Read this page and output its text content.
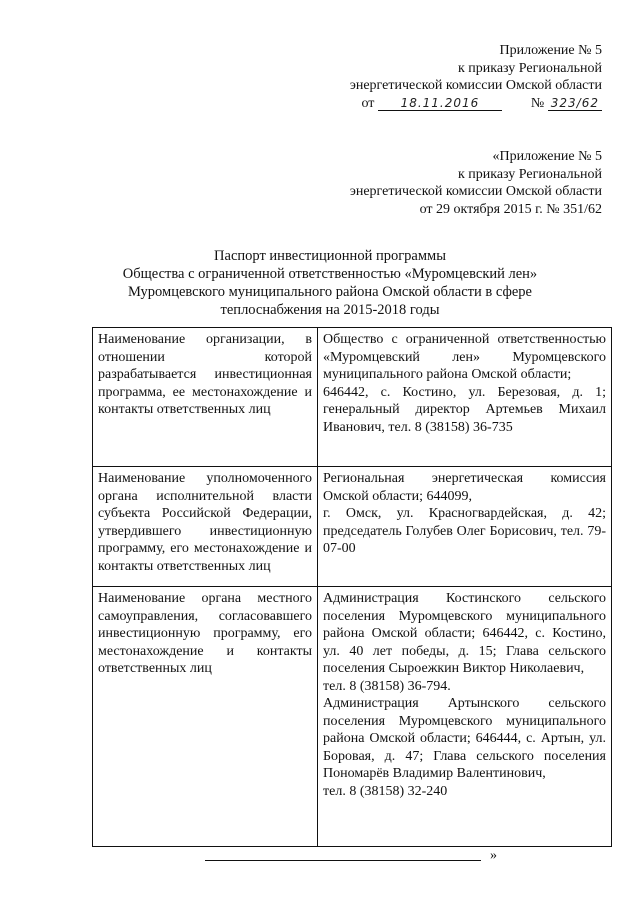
Приложение № 5
к приказу Региональной
энергетической комиссии Омской области
от 18.11.2016	№ 323/62
«Приложение № 5
к приказу Региональной
энергетической комиссии Омской области
от 29 октября 2015 г. № 351/62
Паспорт инвестиционной программы
Общества с ограниченной ответственностью «Муромцевский лен»
Муромцевского муниципального района Омской области в сфере
теплоснабжения на 2015-2018 годы
Наименование организации, в отношении которой разрабатывается инвестиционная программа, ее местонахождение и контакты ответственных лиц	Общество с ограниченной ответственностью «Муромцевский лен» Муромцевского муниципального района Омской области;

646442, с. Костино, ул. Березовая, д. 1; генеральный директор Артемьев Михаил Иванович, тел. 8 (38158) 36-735

Наименование уполномоченного органа исполнительной власти субъекта Российской Федерации, утвердившего инвестиционную программу, его местонахождение и контакты ответственных лиц	Региональная энергетическая комиссия Омской области; 644099,

г. Омск, ул. Красногвардейская, д. 42; председатель Голубев Олег Борисович, тел. 79-07-00

Наименование органа местного самоуправления, согласовавшего инвестиционную программу, его местонахождение и контакты ответственных лиц	Администрация Костинского сельского поселения Муромцевского муниципального района Омской области; 646442, с. Костино, ул. 40 лет победы, д. 15; Глава сельского поселения Сыроежкин Виктор Николаевич,

тел. 8 (38158) 36-794.

Администрация Артынского сельского поселения Муромцевского муниципального района Омской области; 646444, с. Артын, ул. Боровая, д. 47; Глава сельского поселения Пономарёв Владимир Валентинович,

тел. 8 (38158) 32-240

»
